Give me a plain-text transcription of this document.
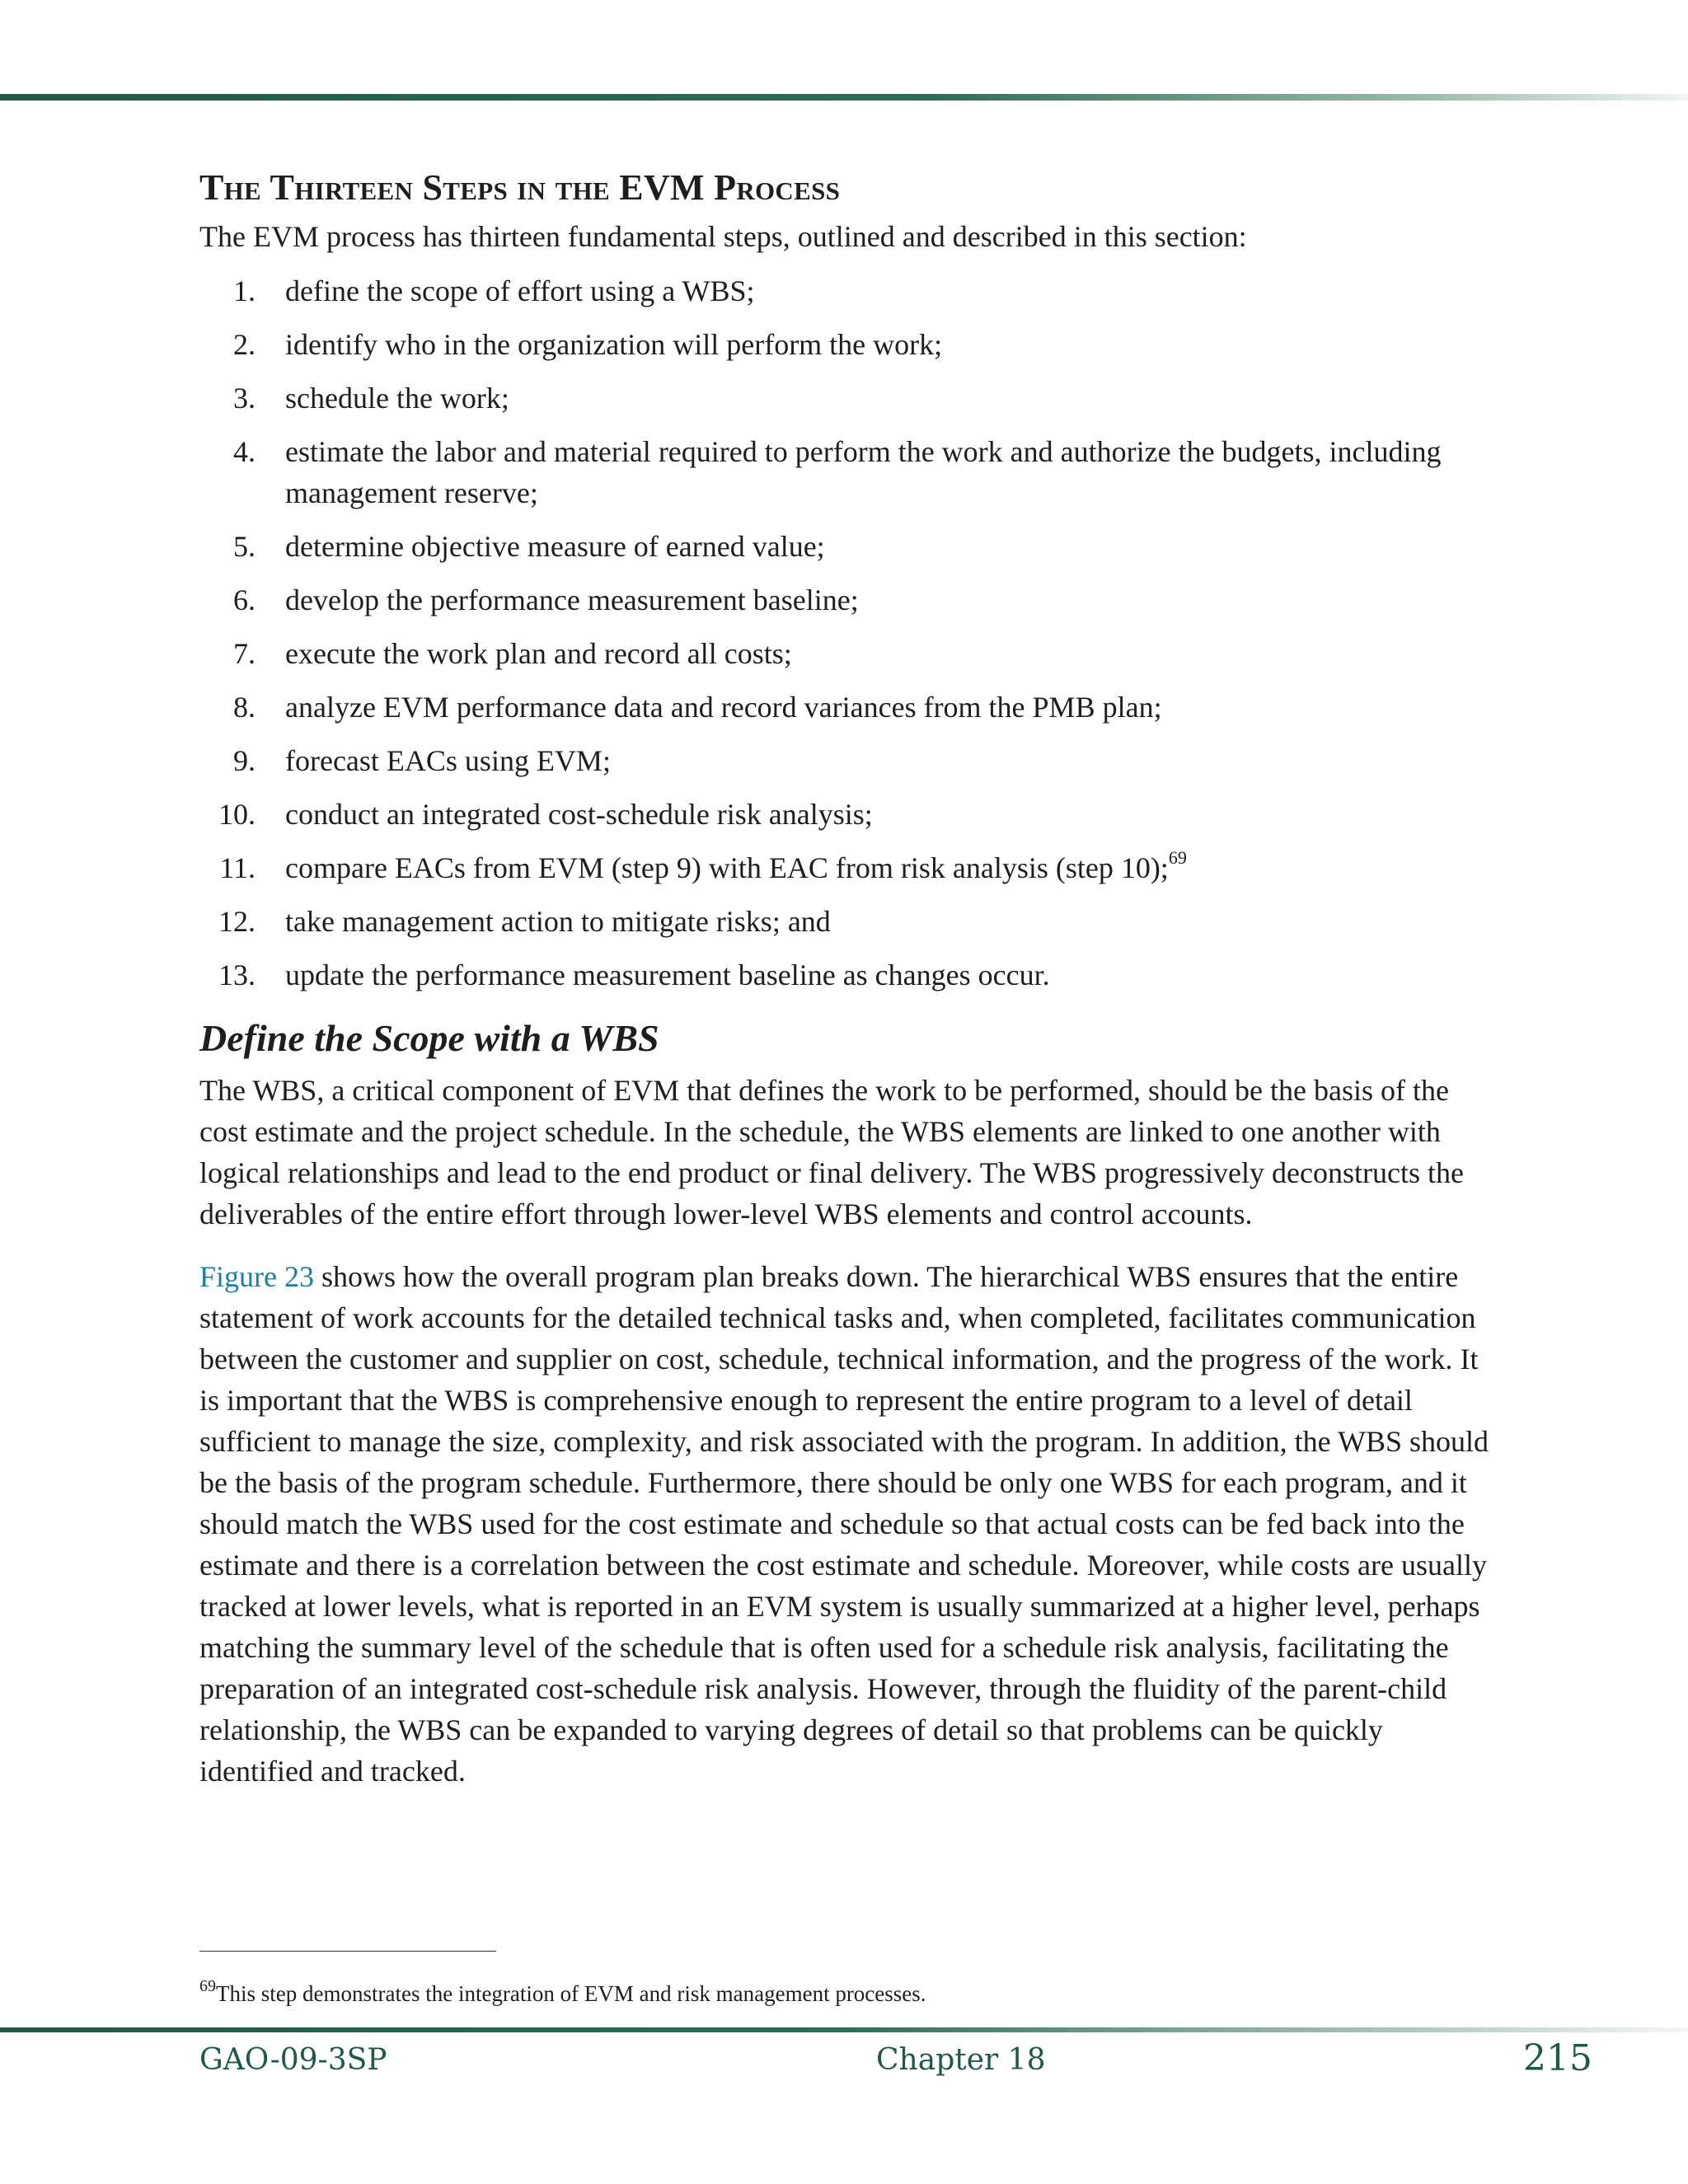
The Thirteen Steps in the EVM Process

The EVM process has thirteen fundamental steps, outlined and described in this section:

1. define the scope of effort using a WBS;
2. identify who in the organization will perform the work;
3. schedule the work;
4. estimate the labor and material required to perform the work and authorize the budgets, including management reserve;
5. determine objective measure of earned value;
6. develop the performance measurement baseline;
7. execute the work plan and record all costs;
8. analyze EVM performance data and record variances from the PMB plan;
9. forecast EACs using EVM;
10. conduct an integrated cost-schedule risk analysis;
11. compare EACs from EVM (step 9) with EAC from risk analysis (step 10);$^{69}$
12. take management action to mitigate risks; and
13. update the performance measurement baseline as changes occur.
Define the Scope with a WBS

The WBS, a critical component of EVM that defines the work to be performed, should be the basis of the cost estimate and the project schedule. In the schedule, the WBS elements are linked to one another with logical relationships and lead to the end product or final delivery. The WBS progressively deconstructs the deliverables of the entire effort through lower-level WBS elements and control accounts.

Figure 23 shows how the overall program plan breaks down. The hierarchical WBS ensures that the entire statement of work accounts for the detailed technical tasks and, when completed, facilitates communication between the customer and supplier on cost, schedule, technical information, and the progress of the work. It is important that the WBS is comprehensive enough to represent the entire program to a level of detail sufficient to manage the size, complexity, and risk associated with the program. In addition, the WBS should be the basis of the program schedule. Furthermore, there should be only one WBS for each program, and it should match the WBS used for the cost estimate and schedule so that actual costs can be fed back into the estimate and there is a correlation between the cost estimate and schedule. Moreover, while costs are usually tracked at lower levels, what is reported in an EVM system is usually summarized at a higher level, perhaps matching the summary level of the schedule that is often used for a schedule risk analysis, facilitating the preparation of an integrated cost-schedule risk analysis. However, through the fluidity of the parent-child relationship, the WBS can be expanded to varying degrees of detail so that problems can be quickly identified and tracked.

$^{69}$This step demonstrates the integration of EVM and risk management processes.
GAO-09-3SP	Chapter 18	215
